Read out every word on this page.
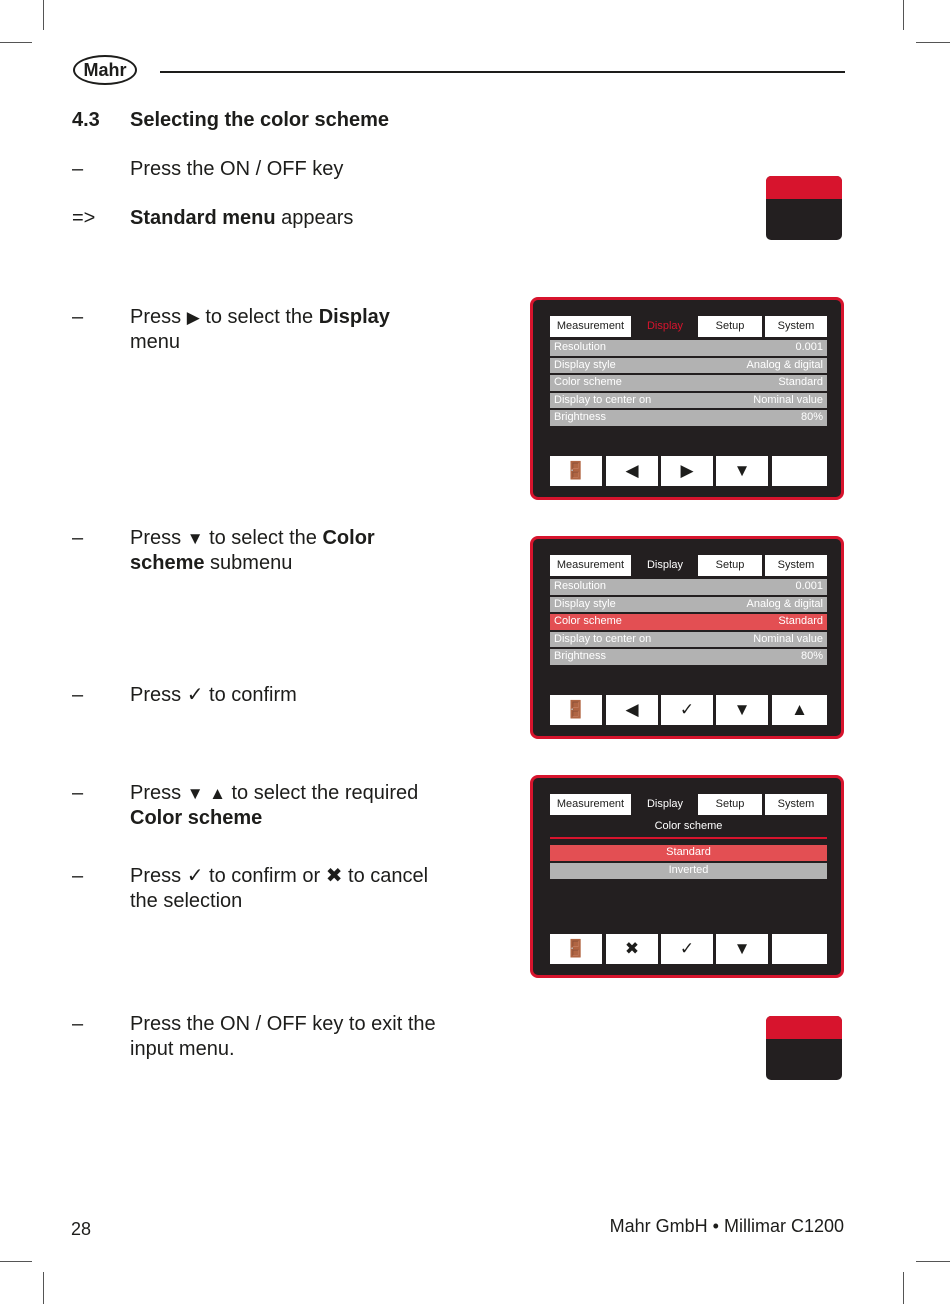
Mahr
4.3 Selecting the color scheme
– Press the ON / OFF key
=> Standard menu appears
– Press ▶ to select the Display
menu
Measurement	Display	Setup	System
Resolution	0.001
Display style	Analog & digital
Color scheme	Standard
Display to center on	Nominal value
Brightness	80%
🚪 ◀ ▶ ▼
– Press ▼ to select the Color
scheme submenu
– Press ✓ to confirm
Measurement	Display	Setup	System
Resolution	0.001
Display style	Analog & digital
Color scheme	Standard
Display to center on	Nominal value
Brightness	80%
🚪 ◀ ✓ ▼ ▲
– Press ▼ ▲ to select the required
Color scheme
– Press ✓ to confirm or ✖ to cancel
the selection
Measurement	Display	Setup	System
Color scheme
Standard
Inverted
🚪 ✖ ✓ ▼
– Press the ON / OFF key to exit the
input menu.
28	Mahr GmbH • Millimar C1200
